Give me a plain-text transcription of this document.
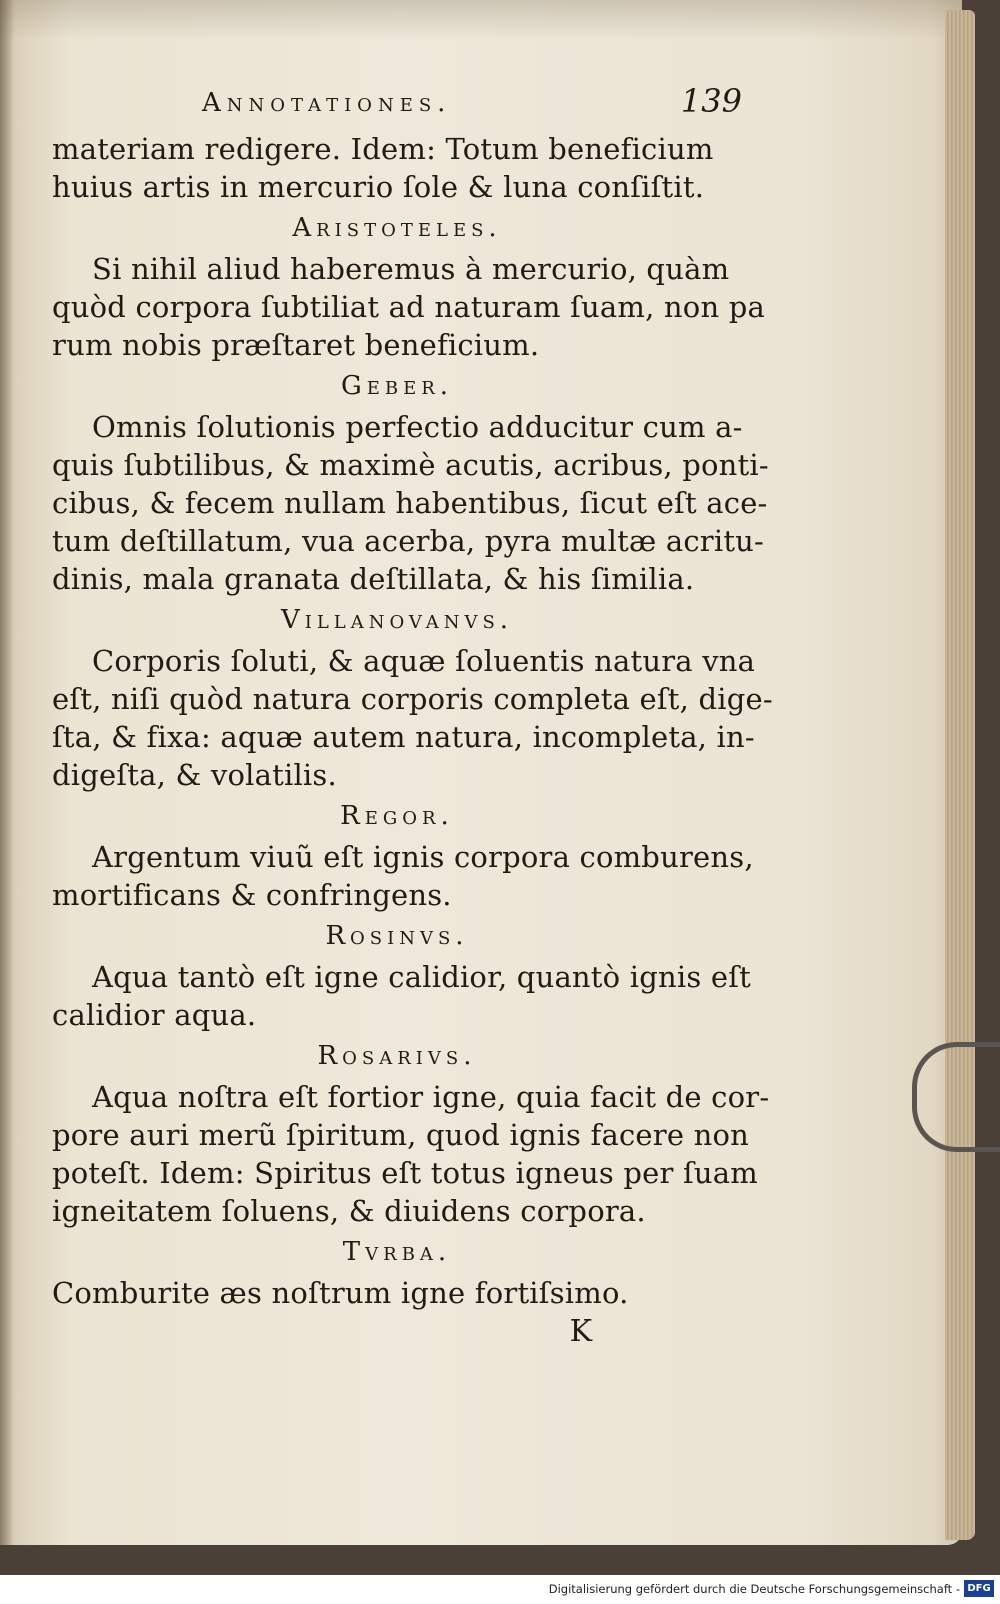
Annotationes.	139
materiam redigere. Idem: Totum beneficium
huius artis in mercurio ſole & luna conſiſtit.
Aristoteles.
Si nihil aliud haberemus à mercurio, quàm
quòd corpora ſubtiliat ad naturam ſuam, non pa
rum nobis præſtaret beneficium.
Geber.
Omnis ſolutionis perfectio adducitur cum a-
quis ſubtilibus, & maximè acutis, acribus, ponti-
cibus, & fecem nullam habentibus, ſicut eſt ace-
tum deſtillatum, vua acerba, pyra multæ acritu-
dinis, mala granata deſtillata, & his ſimilia.
Villanovanvs.
Corporis ſoluti, & aquæ ſoluentis natura vna
eſt, niſi quòd natura corporis completa eſt, dige-
ſta, & fixa: aquæ autem natura, incompleta, in-
digeſta, & volatilis.
Regor.
Argentum viuũ eſt ignis corpora comburens,
mortificans & confringens.
Rosinvs.
Aqua tantò eſt igne calidior, quantò ignis eſt
calidior aqua.
Rosarivs.
Aqua noſtra eſt fortior igne, quia facit de cor-
pore auri merũ ſpiritum, quod ignis facere non
poteſt. Idem: Spiritus eſt totus igneus per ſuam
igneitatem ſoluens, & diuidens corpora.
Tvrba.
Comburite æs noſtrum igne fortiſsimo.
K
Digitalisierung gefördert durch die Deutsche Forschungsgemeinschaft - DFG
